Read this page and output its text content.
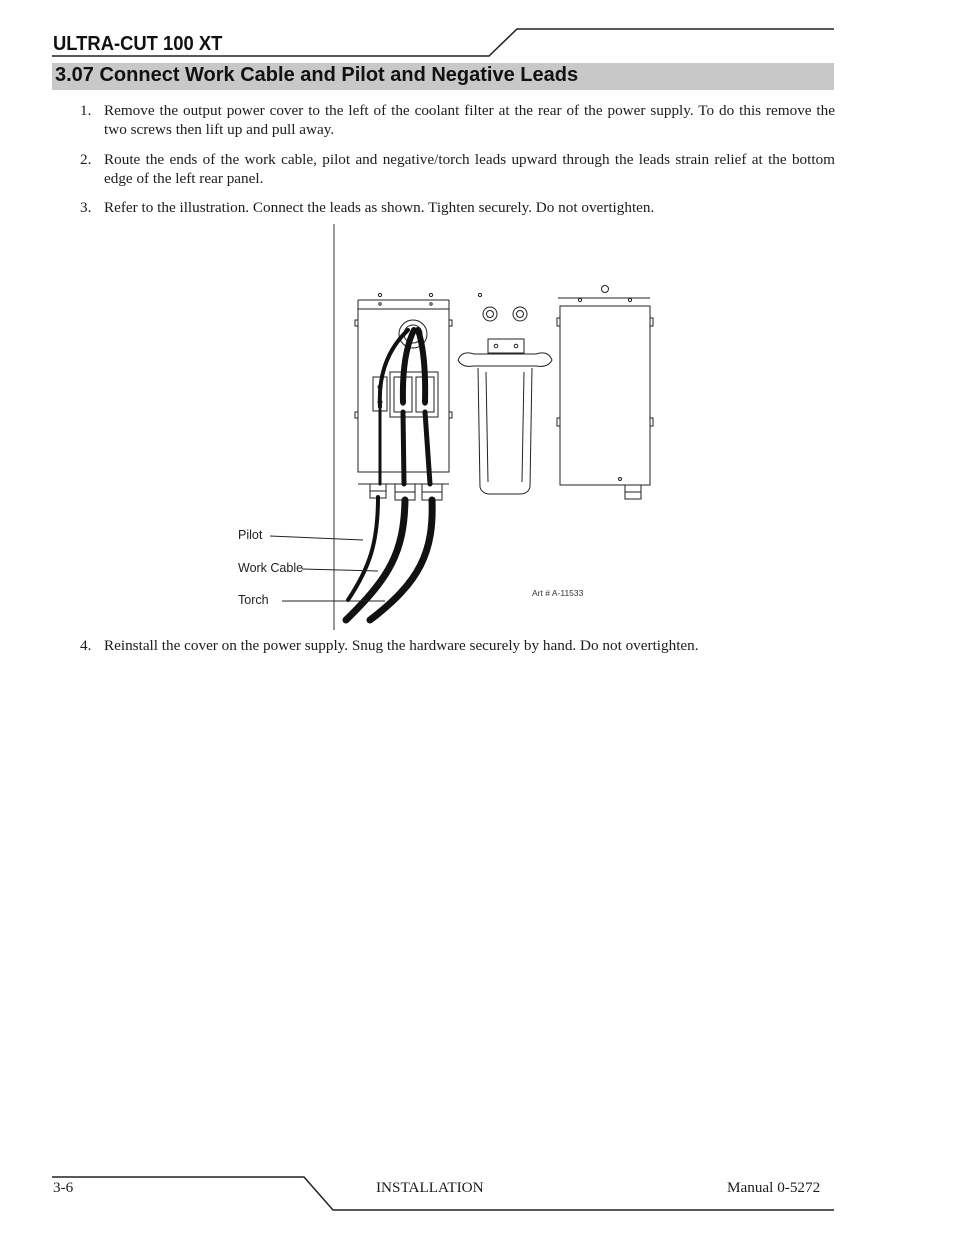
ULTRA-CUT 100 XT
3.07 Connect Work Cable and Pilot and Negative Leads
1. Remove the output power cover to the left of the coolant filter at the rear of the power supply. To do this remove the two screws then lift up and pull away.
2. Route the ends of the work cable, pilot and negative/torch leads upward through the leads strain relief at the bottom edge of the left rear panel.
3. Refer to the illustration. Connect the leads as shown. Tighten securely. Do not overtighten.
Pilot
Work Cable
Torch	Art # A-11533
4. Reinstall the cover on the power supply. Snug the hardware securely by hand. Do not overtighten.
3-6	INSTALLATION	Manual 0-5272
